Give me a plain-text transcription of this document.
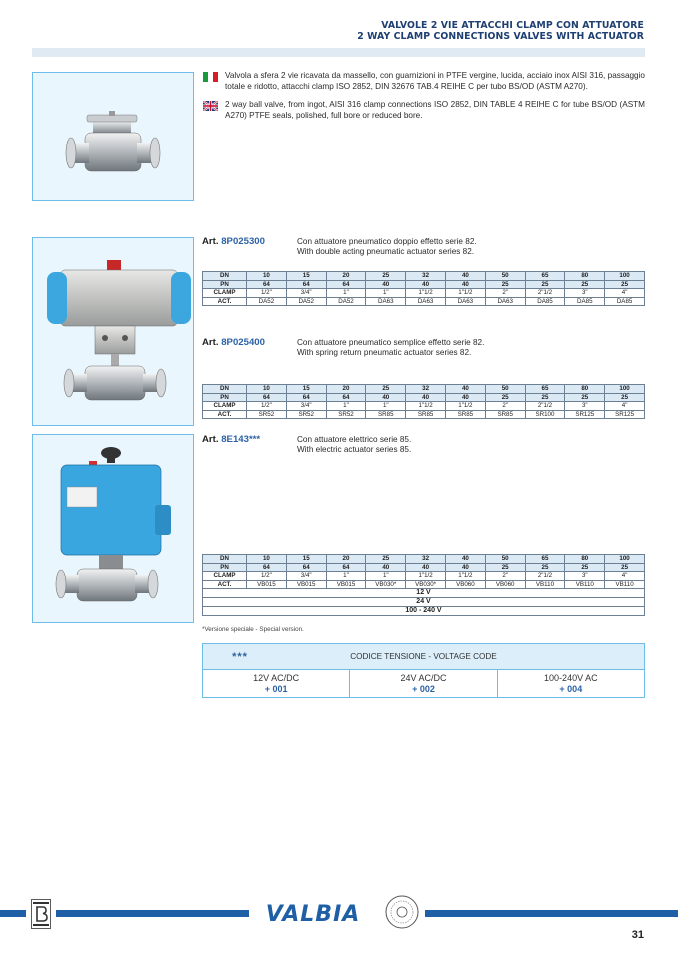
VALVOLE 2 VIE ATTACCHI CLAMP CON ATTUATORE
2 WAY CLAMP CONNECTIONS VALVES WITH ACTUATOR
Valvola a sfera 2 vie ricavata da massello, con guarnizioni in PTFE vergine, lucida, acciaio inox AISI 316, passaggio totale e ridotto, attacchi clamp ISO 2852, DIN 32676 TAB.4 REIHE C per tubo BS/OD (ASTM A270).
2 way ball valve, from ingot, AISI 316 clamp connections ISO 2852, DIN TABLE 4 REIHE C for tube BS/OD (ASTM A270) PTFE seals, polished, full bore or reduced bore.
Art. 8P025300	Con attuatore pneumatico doppio effetto serie 82.
With double acting pneumatic actuator series 82.
DN	10	15	20	25	32	40	50	65	80	100
PN	64	64	64	40	40	40	25	25	25	25
CLAMP	1/2"	3/4"	1"	1"	1"1/2	1"1/2	2"	2"1/2	3"	4"
ACT.	DA52	DA52	DA52	DA63	DA63	DA63	DA63	DA85	DA85	DA85
Art. 8P025400	Con attuatore pneumatico semplice effetto serie 82.
With spring return pneumatic actuator series 82.
DN	10	15	20	25	32	40	50	65	80	100
PN	64	64	64	40	40	40	25	25	25	25
CLAMP	1/2"	3/4"	1"	1"	1"1/2	1"1/2	2"	2"1/2	3"	4"
ACT.	SR52	SR52	SR52	SR85	SR85	SR85	SR85	SR100	SR125	SR125
Art. 8E143***	Con attuatore elettrico serie 85.
With electric actuator series 85.
DN	10	15	20	25	32	40	50	65	80	100
PN	64	64	64	40	40	40	25	25	25	25
CLAMP	1/2"	3/4"	1"	1"	1"1/2	1"1/2	2"	2"1/2	3"	4"
ACT.	VB015	VB015	VB015	VB030*	VB030*	VB060	VB060	VB110	VB110	VB110
12 V										
24 V										
100 - 240 V										
*Versione speciale - Special version.
***	CODICE TENSIONE - VOLTAGE CODE
12V AC/DC
+ 001
24V AC/DC
+ 002
100-240V AC
+ 004
VALBIA
31
